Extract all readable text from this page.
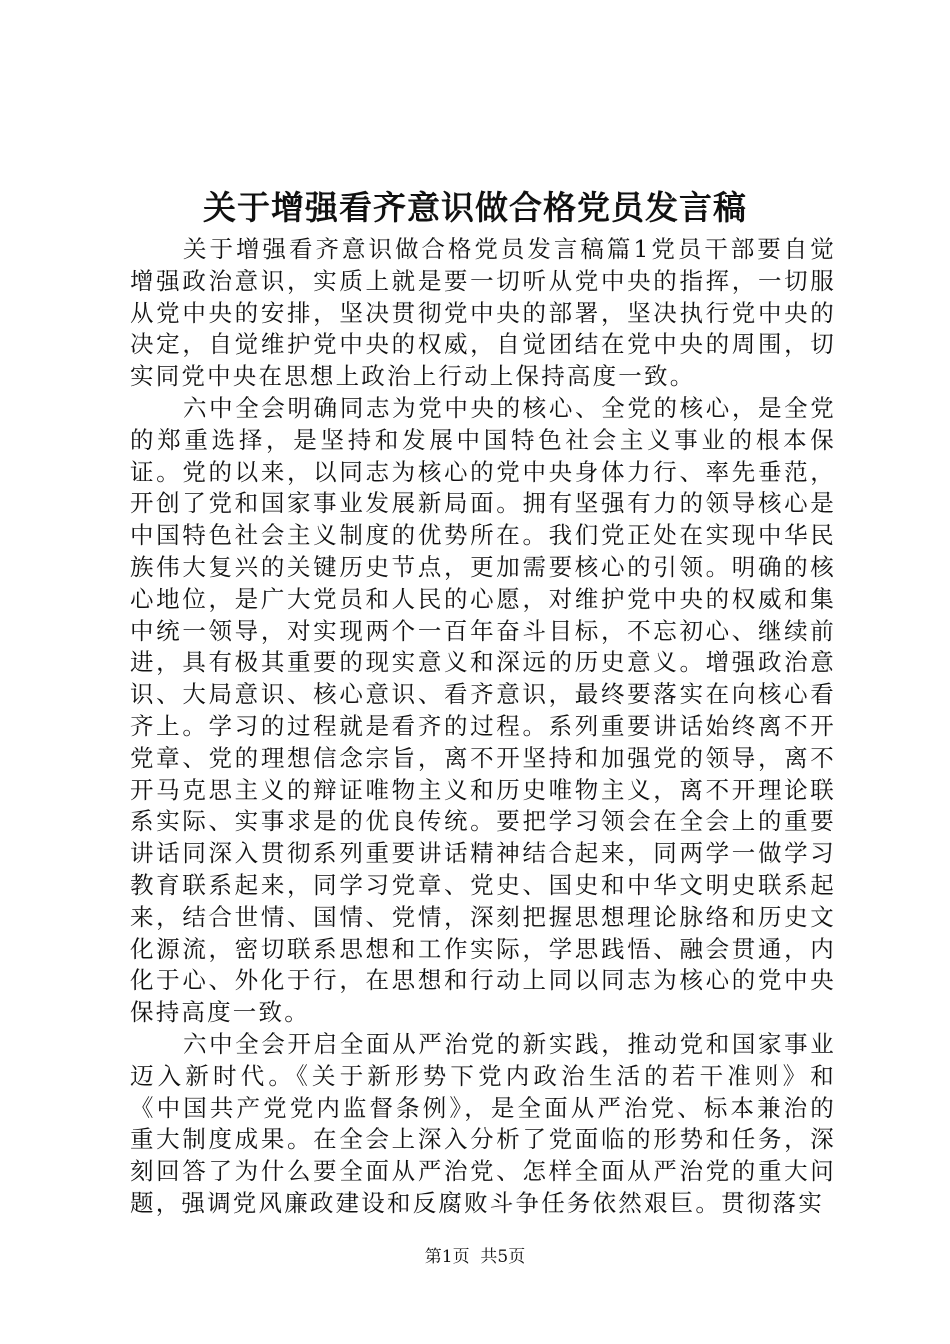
关于增强看齐意识做合格党员发言稿

关于增强看齐意识做合格党员发言稿篇1党员干部要自觉增强政治意识，实质上就是要一切听从党中央的指挥，一切服从党中央的安排，坚决贯彻党中央的部署，坚决执行党中央的决定，自觉维护党中央的权威，自觉团结在党中央的周围，切实同党中央在思想上政治上行动上保持高度一致。

六中全会明确同志为党中央的核心、全党的核心，是全党的郑重选择，是坚持和发展中国特色社会主义事业的根本保证。党的以来，以同志为核心的党中央身体力行、率先垂范，开创了党和国家事业发展新局面。拥有坚强有力的领导核心是中国特色社会主义制度的优势所在。我们党正处在实现中华民族伟大复兴的关键历史节点，更加需要核心的引领。明确的核心地位，是广大党员和人民的心愿，对维护党中央的权威和集中统一领导，对实现两个一百年奋斗目标，不忘初心、继续前进，具有极其重要的现实意义和深远的历史意义。增强政治意识、大局意识、核心意识、看齐意识，最终要落实在向核心看齐上。学习的过程就是看齐的过程。系列重要讲话始终离不开党章、党的理想信念宗旨，离不开坚持和加强党的领导，离不开马克思主义的辩证唯物主义和历史唯物主义，离不开理论联系实际、实事求是的优良传统。要把学习领会在全会上的重要讲话同深入贯彻系列重要讲话精神结合起来，同两学一做学习教育联系起来，同学习党章、党史、国史和中华文明史联系起来，结合世情、国情、党情，深刻把握思想理论脉络和历史文化源流，密切联系思想和工作实际，学思践悟、融会贯通，内化于心、外化于行，在思想和行动上同以同志为核心的党中央保持高度一致。

六中全会开启全面从严治党的新实践，推动党和国家事业迈入新时代。《关于新形势下党内政治生活的若干准则》和《中国共产党党内监督条例》，是全面从严治党、标本兼治的重大制度成果。在全会上深入分析了党面临的形势和任务，深刻回答了为什么要全面从严治党、怎样全面从严治党的重大问题，强调党风廉政建设和反腐败斗争任务依然艰巨。贯彻落实

第1页 共5页
